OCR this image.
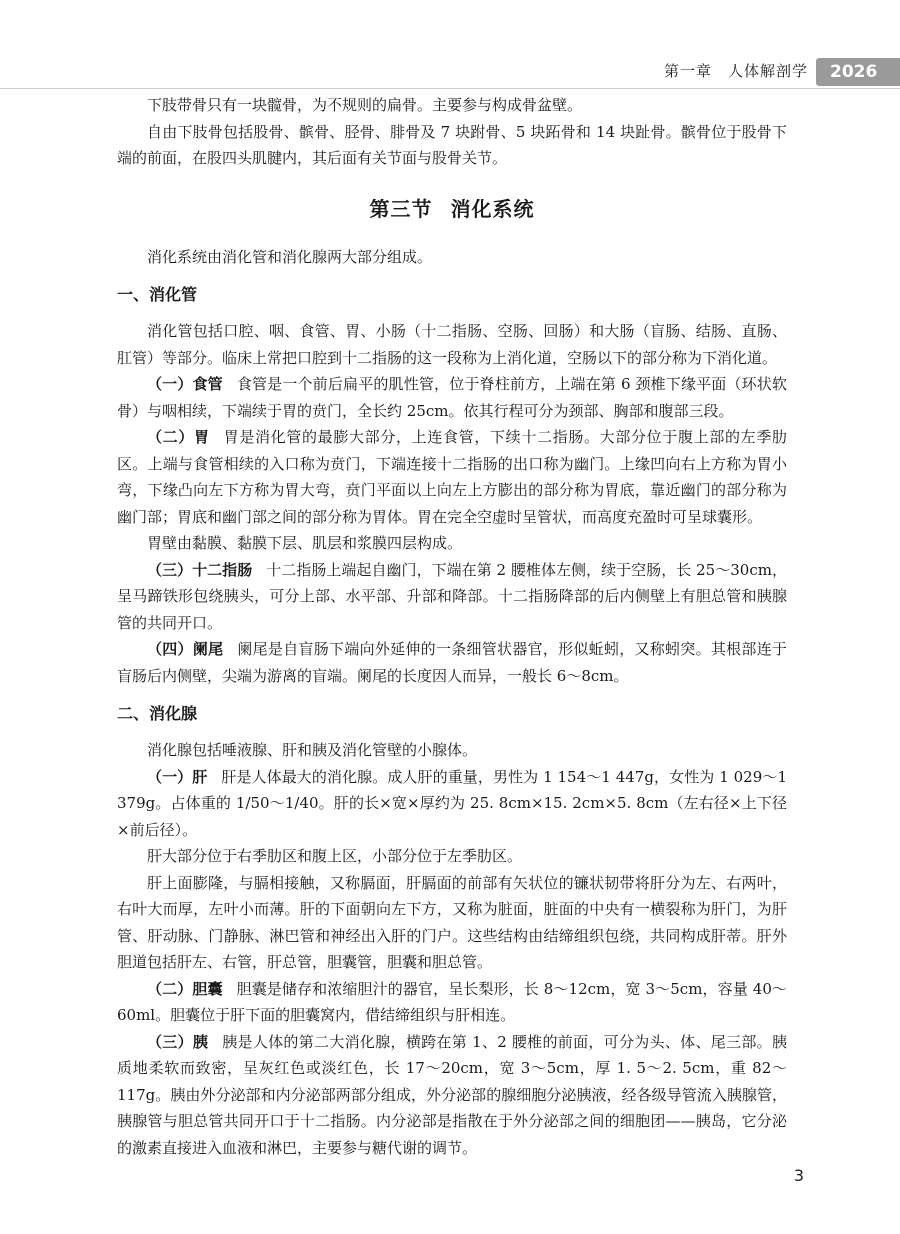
第一章　人体解剖学	2026

下肢带骨只有一块髋骨，为不规则的扁骨。主要参与构成骨盆壁。

自由下肢骨包括股骨、髌骨、胫骨、腓骨及 7 块跗骨、5 块跖骨和 14 块趾骨。髌骨位于股骨下端的前面，在股四头肌腱内，其后面有关节面与股骨关节。

第三节 消化系统

消化系统由消化管和消化腺两大部分组成。

一、消化管

消化管包括口腔、咽、食管、胃、小肠（十二指肠、空肠、回肠）和大肠（盲肠、结肠、直肠、肛管）等部分。临床上常把口腔到十二指肠的这一段称为上消化道，空肠以下的部分称为下消化道。

（一）食管 食管是一个前后扁平的肌性管，位于脊柱前方，上端在第 6 颈椎下缘平面（环状软骨）与咽相续，下端续于胃的贲门，全长约 25cm。依其行程可分为颈部、胸部和腹部三段。

（二）胃 胃是消化管的最膨大部分，上连食管，下续十二指肠。大部分位于腹上部的左季肋区。上端与食管相续的入口称为贲门，下端连接十二指肠的出口称为幽门。上缘凹向右上方称为胃小弯，下缘凸向左下方称为胃大弯，贲门平面以上向左上方膨出的部分称为胃底，靠近幽门的部分称为幽门部；胃底和幽门部之间的部分称为胃体。胃在完全空虚时呈管状，而高度充盈时可呈球囊形。

胃壁由黏膜、黏膜下层、肌层和浆膜四层构成。

（三）十二指肠 十二指肠上端起自幽门，下端在第 2 腰椎体左侧，续于空肠，长 25～30cm，呈马蹄铁形包绕胰头，可分上部、水平部、升部和降部。十二指肠降部的后内侧壁上有胆总管和胰腺管的共同开口。

（四）阑尾 阑尾是自盲肠下端向外延伸的一条细管状器官，形似蚯蚓，又称蚓突。其根部连于盲肠后内侧壁，尖端为游离的盲端。阑尾的长度因人而异，一般长 6～8cm。

二、消化腺

消化腺包括唾液腺、肝和胰及消化管壁的小腺体。

（一）肝 肝是人体最大的消化腺。成人肝的重量，男性为 1 154～1 447g，女性为 1 029～1 379g。占体重的 1/50～1/40。肝的长×宽×厚约为 25. 8cm×15. 2cm×5. 8cm（左右径×上下径×前后径）。

肝大部分位于右季肋区和腹上区，小部分位于左季肋区。

肝上面膨隆，与膈相接触，又称膈面，肝膈面的前部有矢状位的镰状韧带将肝分为左、右两叶，右叶大而厚，左叶小而薄。肝的下面朝向左下方，又称为脏面，脏面的中央有一横裂称为肝门，为肝管、肝动脉、门静脉、淋巴管和神经出入肝的门户。这些结构由结缔组织包绕，共同构成肝蒂。肝外胆道包括肝左、右管，肝总管，胆囊管，胆囊和胆总管。

（二）胆囊 胆囊是储存和浓缩胆汁的器官，呈长梨形，长 8～12cm，宽 3～5cm，容量 40～60ml。胆囊位于肝下面的胆囊窝内，借结缔组织与肝相连。

（三）胰 胰是人体的第二大消化腺，横跨在第 1、2 腰椎的前面，可分为头、体、尾三部。胰质地柔软而致密，呈灰红色或淡红色，长 17～20cm，宽 3～5cm，厚 1. 5～2. 5cm，重 82～117g。胰由外分泌部和内分泌部两部分组成，外分泌部的腺细胞分泌胰液，经各级导管流入胰腺管，胰腺管与胆总管共同开口于十二指肠。内分泌部是指散在于外分泌部之间的细胞团——胰岛，它分泌的激素直接进入血液和淋巴，主要参与糖代谢的调节。

3
